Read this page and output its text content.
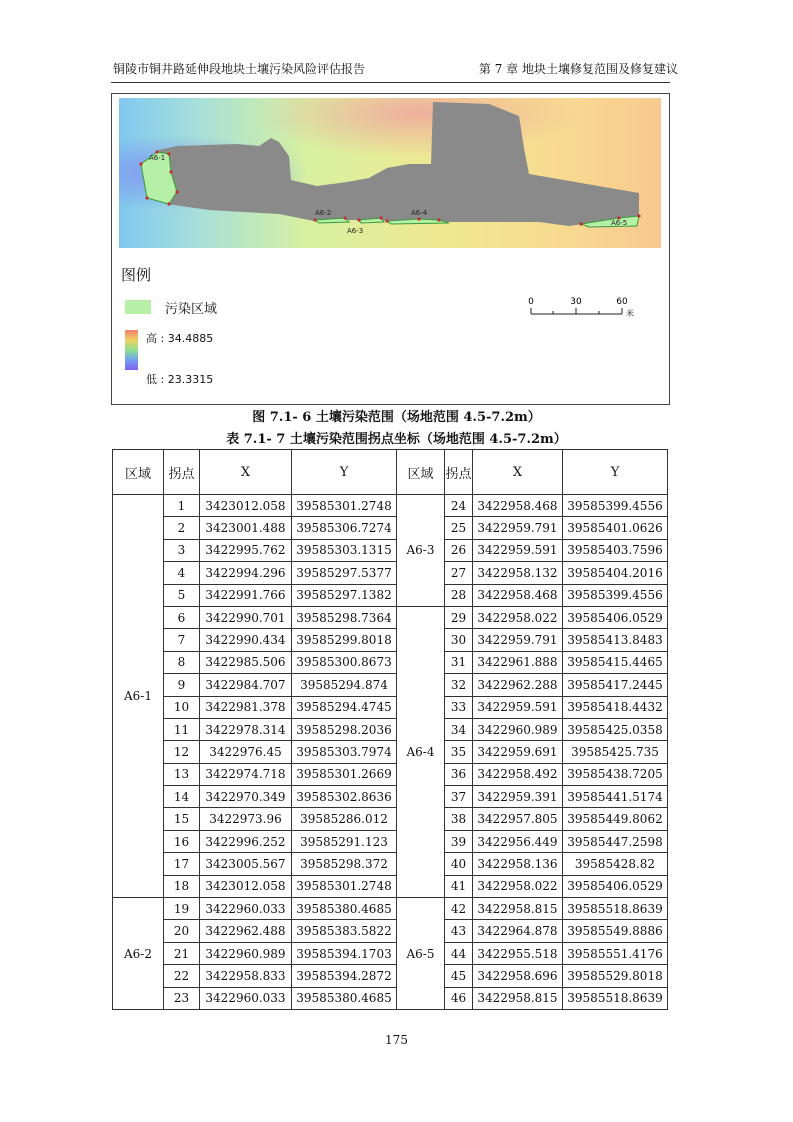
铜陵市铜井路延伸段地块土壤污染风险评估报告	第 7 章 地块土壤修复范围及修复建议
A6-1
A6-2
A6-3
A6-4
A6-5
图例
污染区域
高 : 34.4885
低 : 23.3315
0	30	60
米
图 7.1- 6 土壤污染范围（场地范围 4.5-7.2m）
表 7.1- 7 土壤污染范围拐点坐标（场地范围 4.5-7.2m）
区域	拐点	X	Y	区域	拐点	X	Y
A6-1	1	3423012.058	39585301.2748	A6-3	24	3422958.468	39585399.4556
	2	3423001.488	39585306.7274		25	3422959.791	39585401.0626
	3	3422995.762	39585303.1315		26	3422959.591	39585403.7596
	4	3422994.296	39585297.5377		27	3422958.132	39585404.2016
	5	3422991.766	39585297.1382		28	3422958.468	39585399.4556
	6	3422990.701	39585298.7364	A6-4	29	3422958.022	39585406.0529
	7	3422990.434	39585299.8018		30	3422959.791	39585413.8483
	8	3422985.506	39585300.8673		31	3422961.888	39585415.4465
	9	3422984.707	39585294.874		32	3422962.288	39585417.2445
	10	3422981.378	39585294.4745		33	3422959.591	39585418.4432
	11	3422978.314	39585298.2036		34	3422960.989	39585425.0358
	12	3422976.45	39585303.7974		35	3422959.691	39585425.735
	13	3422974.718	39585301.2669		36	3422958.492	39585438.7205
	14	3422970.349	39585302.8636		37	3422959.391	39585441.5174
	15	3422973.96	39585286.012		38	3422957.805	39585449.8062
	16	3422996.252	39585291.123		39	3422956.449	39585447.2598
	17	3423005.567	39585298.372		40	3422958.136	39585428.82
	18	3423012.058	39585301.2748		41	3422958.022	39585406.0529
A6-2	19	3422960.033	39585380.4685	A6-5	42	3422958.815	39585518.8639
	20	3422962.488	39585383.5822		43	3422964.878	39585549.8886
	21	3422960.989	39585394.1703		44	3422955.518	39585551.4176
	22	3422958.833	39585394.2872		45	3422958.696	39585529.8018
	23	3422960.033	39585380.4685		46	3422958.815	39585518.8639
175
